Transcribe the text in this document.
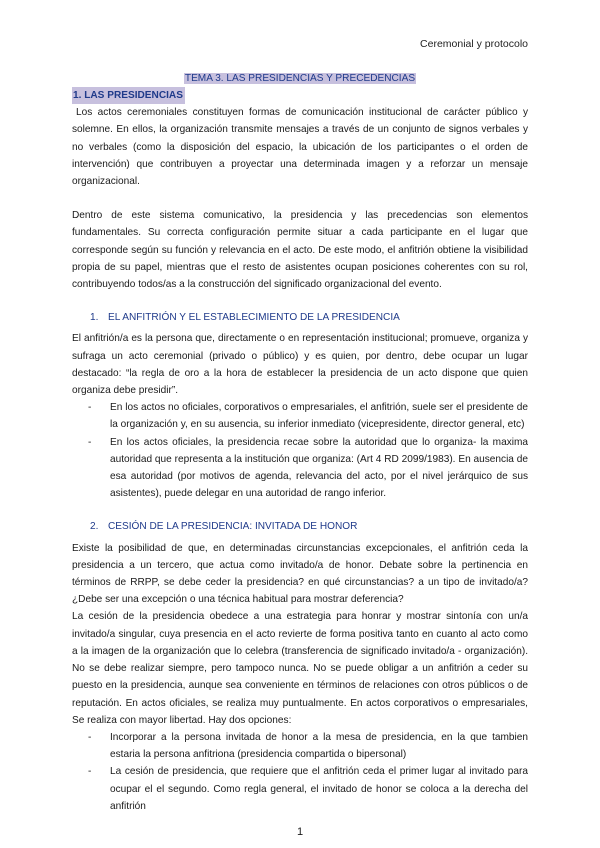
Ceremonial y protocolo
TEMA 3. LAS PRESIDENCIAS Y PRECEDENCIAS
1. LAS PRESIDENCIAS

Los actos ceremoniales constituyen formas de comunicación institucional de carácter público y solemne. En ellos, la organización transmite mensajes a través de un conjunto de signos verbales y no verbales (como la disposición del espacio, la ubicación de los participantes o el orden de intervención) que contribuyen a proyectar una determinada imagen y a reforzar un mensaje organizacional.

Dentro de este sistema comunicativo, la presidencia y las precedencias son elementos fundamentales. Su correcta configuración permite situar a cada participante en el lugar que corresponde según su función y relevancia en el acto. De este modo, el anfitrión obtiene la visibilidad propia de su papel, mientras que el resto de asistentes ocupan posiciones coherentes con su rol, contribuyendo todos/as a la construcción del significado organizacional del evento.

1. EL ANFITRIÓN Y EL ESTABLECIMIENTO DE LA PRESIDENCIA

El anfitrión/a es la persona que, directamente o en representación institucional; promueve, organiza y sufraga un acto ceremonial (privado o público) y es quien, por dentro, debe ocupar un lugar destacado: “la regla de oro a la hora de establecer la presidencia de un acto dispone que quien organiza debe presidir”.

- En los actos no oficiales, corporativos o empresariales, el anfitrión, suele ser el presidente de la organización y, en su ausencia, su inferior inmediato (vicepresidente, director general, etc)
- En los actos oficiales, la presidencia recae sobre la autoridad que lo organiza- la maxima autoridad que representa a la institución que organiza: (Art 4 RD 2099/1983). En ausencia de esa autoridad (por motivos de agenda, relevancia del acto, por el nivel jerárquico de sus asistentes), puede delegar en una autoridad de rango inferior.
2. CESIÓN DE LA PRESIDENCIA: INVITADA DE HONOR

Existe la posibilidad de que, en determinadas circunstancias excepcionales, el anfitrión ceda la presidencia a un tercero, que actua como invitado/a de honor. Debate sobre la pertinencia en términos de RRPP, se debe ceder la presidencia? en qué circunstancias? a un tipo de invitado/a? ¿Debe ser una excepción o una técnica habitual para mostrar deferencia?

La cesión de la presidencia obedece a una estrategia para honrar y mostrar sintonía con un/a invitado/a singular, cuya presencia en el acto revierte de forma positiva tanto en cuanto al acto como a la imagen de la organización que lo celebra (transferencia de significado invitado/a - organización). No se debe realizar siempre, pero tampoco nunca. No se puede obligar a un anfitrión a ceder su puesto en la presidencia, aunque sea conveniente en términos de relaciones con otros públicos o de reputación. En actos oficiales, se realiza muy puntualmente. En actos corporativos o empresariales, Se realiza con mayor libertad. Hay dos opciones:

- Incorporar a la persona invitada de honor a la mesa de presidencia, en la que tambien estaria la persona anfitriona (presidencia compartida o bipersonal)
- La cesión de presidencia, que requiere que el anfitrión ceda el primer lugar al invitado para ocupar el el segundo. Como regla general, el invitado de honor se coloca a la derecha del anfitrión
1
